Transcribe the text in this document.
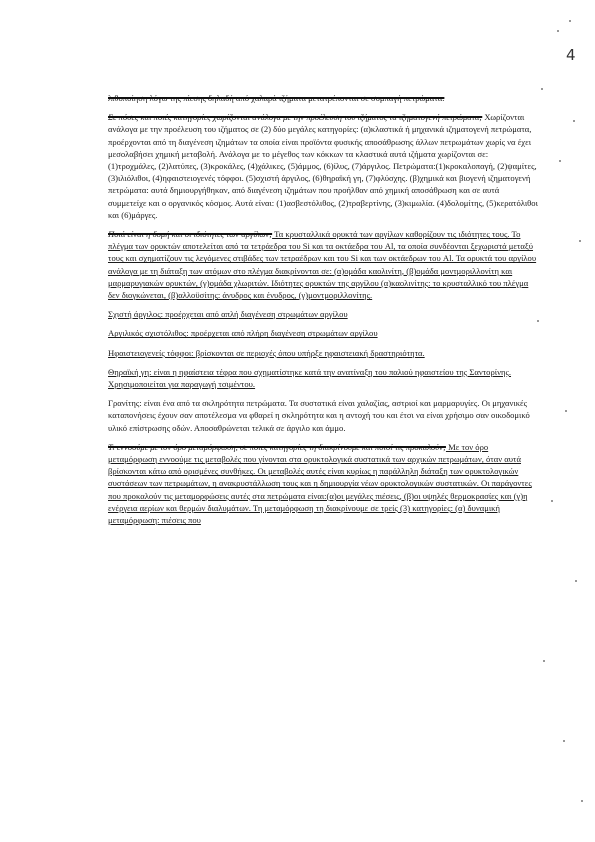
4

λιθοποίηση λόγω της πίεσης δηλαδή από χαλαρά ιζήματα μετατρέπονται σε συμπαγή πετρώματα.

Σε πόσες και ποιές κατηγορίες χωρίζονται ανάλογα με την προέλευση του ιζήματος τα ιζηματογενή πετρώματα; Χωρίζονται ανάλογα με την προέλευση του ιζήματος σε (2) δύο μεγάλες κατηγορίες: (α)κλαστικά ή μηχανικά ιζηματογενή πετρώματα, προέρχονται από τη διαγένεση ιζημάτων τα οποία είναι προϊόντα φυσικής αποσάθρωσης άλλων πετρωμάτων χωρίς να έχει μεσολαβήσει χημική μεταβολή. Ανάλογα με το μέγεθος των κόκκων τα κλαστικά αυτά ιζήματα χωρίζονται σε: (1)τροχμάλες, (2)λατύπες, (3)κροκάλες, (4)χάλικες, (5)άμμος, (6)ίλυς, (7)άργιλος. Πετρώματα:(1)κροκαλοπαγή, (2)ψαμίτες, (3)ιλιόλιθοι, (4)ηφαιστειογενές τόφφοι. (5)σχιστή άργιλος, (6)θηραϊκή γη, (7)φλύσχης. (β)χημικά και βιογενή ιζηματογενή πετρώματα: αυτά δημιουργήθηκαν, από διαγένεση ιζημάτων που προήλθαν από χημική αποσάθρωση και σε αυτά συμμετείχε και ο οργανικός κόσμος. Αυτά είναι: (1)ασβεστόλιθος, (2)τραβερτίνης, (3)κιμωλία. (4)δολομίτης, (5)κερατόλιθοι και (6)μάργες.

Ποιά είναι η δομή και οι ιδιότητες των αργίλων; Τα κρυσταλλικά ορυκτά των αργίλων καθορίζουν τις ιδιότητες τους. Το πλέγμα των ορυκτών αποτελείται από τα τετράεδρα του Si και τα οκτάεδρα του Al, τα οποία συνδέονται ξεχωριστά μεταξύ τους και σχηματίζουν τις λεγόμενες στιβάδες των τετραέδρων και του Si και των οκτάεδρων του Al. Τα ορυκτά του αργίλου ανάλογα με τη διάταξη των ατόμων στο πλέγμα διακρίνονται σε: (α)ομάδα καολινίτη, (β)ομάδα μοντμοριλλονίτη και μαρμαρυγιακών ορυκτών, (γ)ομάδα χλωριτών. Ιδιότητες ορυκτών της αργίλου (α)καολινίτης: το κρυσταλλικό του πλέγμα δεν διογκώνεται, (β)αλλοϋσίτης: άνυδρος και ένυδρος, (γ)μοντμοριλλονίτης.

Σχιστή άργιλος: προέρχεται από απλή διαγένεση στρωμάτων αργίλου

Αργιλικός σχιστόλιθος: προέρχεται από πλήρη διαγένεση στρωμάτων αργίλου

Ηφαιστειογενείς τόφφοι: βρίσκονται σε περιοχές όπου υπήρξε ηφαιστειακή δραστηριότητα.

Θηραϊκή γη: είναι η ηφαίστεια τέφρα που σχηματίστηκε κατά την ανατίναξη του παλιού ηφαιστείου της Σαντορίνης. Χρησιμοποιείται για παραγωγή τσιμέντου.

Γρανίτης: είναι ένα από τα σκληρότητα πετρώματα. Τα συστατικά είναι χαλαζίας, αστριοί και μαρμαρυγίες. Οι μηχανικές καταπονήσεις έχουν σαν αποτέλεσμα να φθαρεί η σκληρότητα και η αντοχή του και έτσι να είναι χρήσιμο σαν οικοδομικό υλικό επίστρωσης οδών. Αποσαθρώνεται τελικά σε άργιλο και άμμο.

Τι εννοούμε με τον όρο μεταμόρφωση, σε ποιες κατηγορίες τη διακρίνουμε και ποιοί τις προκαλούν; Με τον όρο μεταμόρφωση εννοούμε τις μεταβολές που γίνονται στα ορυκτολογικά συστατικά των αρχικών πετρωμάτων, όταν αυτά βρίσκονται κάτω από ορισμένες συνθήκες. Οι μεταβολές αυτές είναι κυρίως η παράλληλη διάταξη των ορυκτολογικών συστάσεων των πετρωμάτων, η ανακρυστάλλωση τους και η δημιουργία νέων ορυκτολογικών συστατικών. Οι παράγοντες που προκαλούν τις μεταμορφώσεις αυτές στα πετρώματα είναι:(α)οι μεγάλες πιέσεις, (β)οι υψηλές θερμοκρασίες και (γ)η ενέργεια αερίων και θερμών διαλυμάτων. Τη μεταμόρφωση τη διακρίνουμε σε τρείς (3) κατηγορίες: (α) δυναμική μεταμόρφωση: πιέσεις που
